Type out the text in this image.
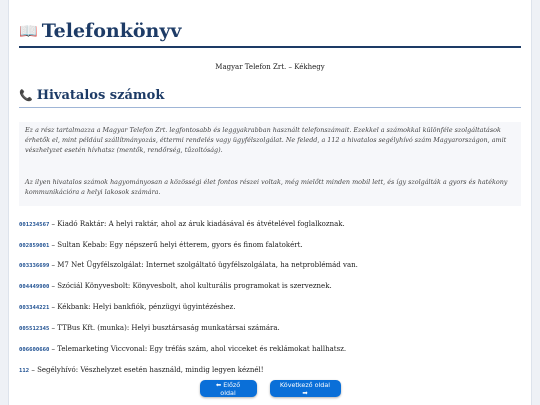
📖 Telefonkönyv
Magyar Telefon Zrt. – Kékhegy
📞 Hivatalos számok

Ez a rész tartalmazza a Magyar Telefon Zrt. legfontosabb és leggyakrabban használt telefonszámait. Ezekkel a számokkal különféle szolgáltatások érhetők el, mint például szállítmányozás, éttermi rendelés vagy ügyfélszolgálat. Ne feledd, a 112 a hivatalos segélyhívó szám Magyarországon, amit vészhelyzet esetén hívhatsz (mentők, rendőrség, tűzoltóság).

Az ilyen hivatalos számok hagyományosan a közösségi élet fontos részei voltak, még mielőtt minden mobil lett, és így szolgálták a gyors és hatékony kommunikációra a helyi lakosok számára.

001234567 – Kiadó Raktár: A helyi raktár, ahol az áruk kiadásával és átvételével foglalkoznak.
002859001 – Sultan Kebab: Egy népszerű helyi étterem, gyors és finom falatokért.
003336699 – M7 Net Ügyfélszolgálat: Internet szolgáltató ügyfélszolgálata, ha netproblémád van.
004449900 – Szóciál Könyvesbolt: Könyvesbolt, ahol kulturális programokat is szerveznek.
003344221 – Kékbank: Helyi bankfiók, pénzügyi ügyintézéshez.
005512345 – TTBus Kft. (munka): Helyi busztársaság munkatársai számára.
006600660 – Telemarketing Viccvonal: Egy tréfás szám, ahol vicceket és reklámokat hallhatsz.
112 – Segélyhívó: Vészhelyzet esetén használd, mindig legyen kéznél!
⬅ Előző oldal
Következő oldal ➡
